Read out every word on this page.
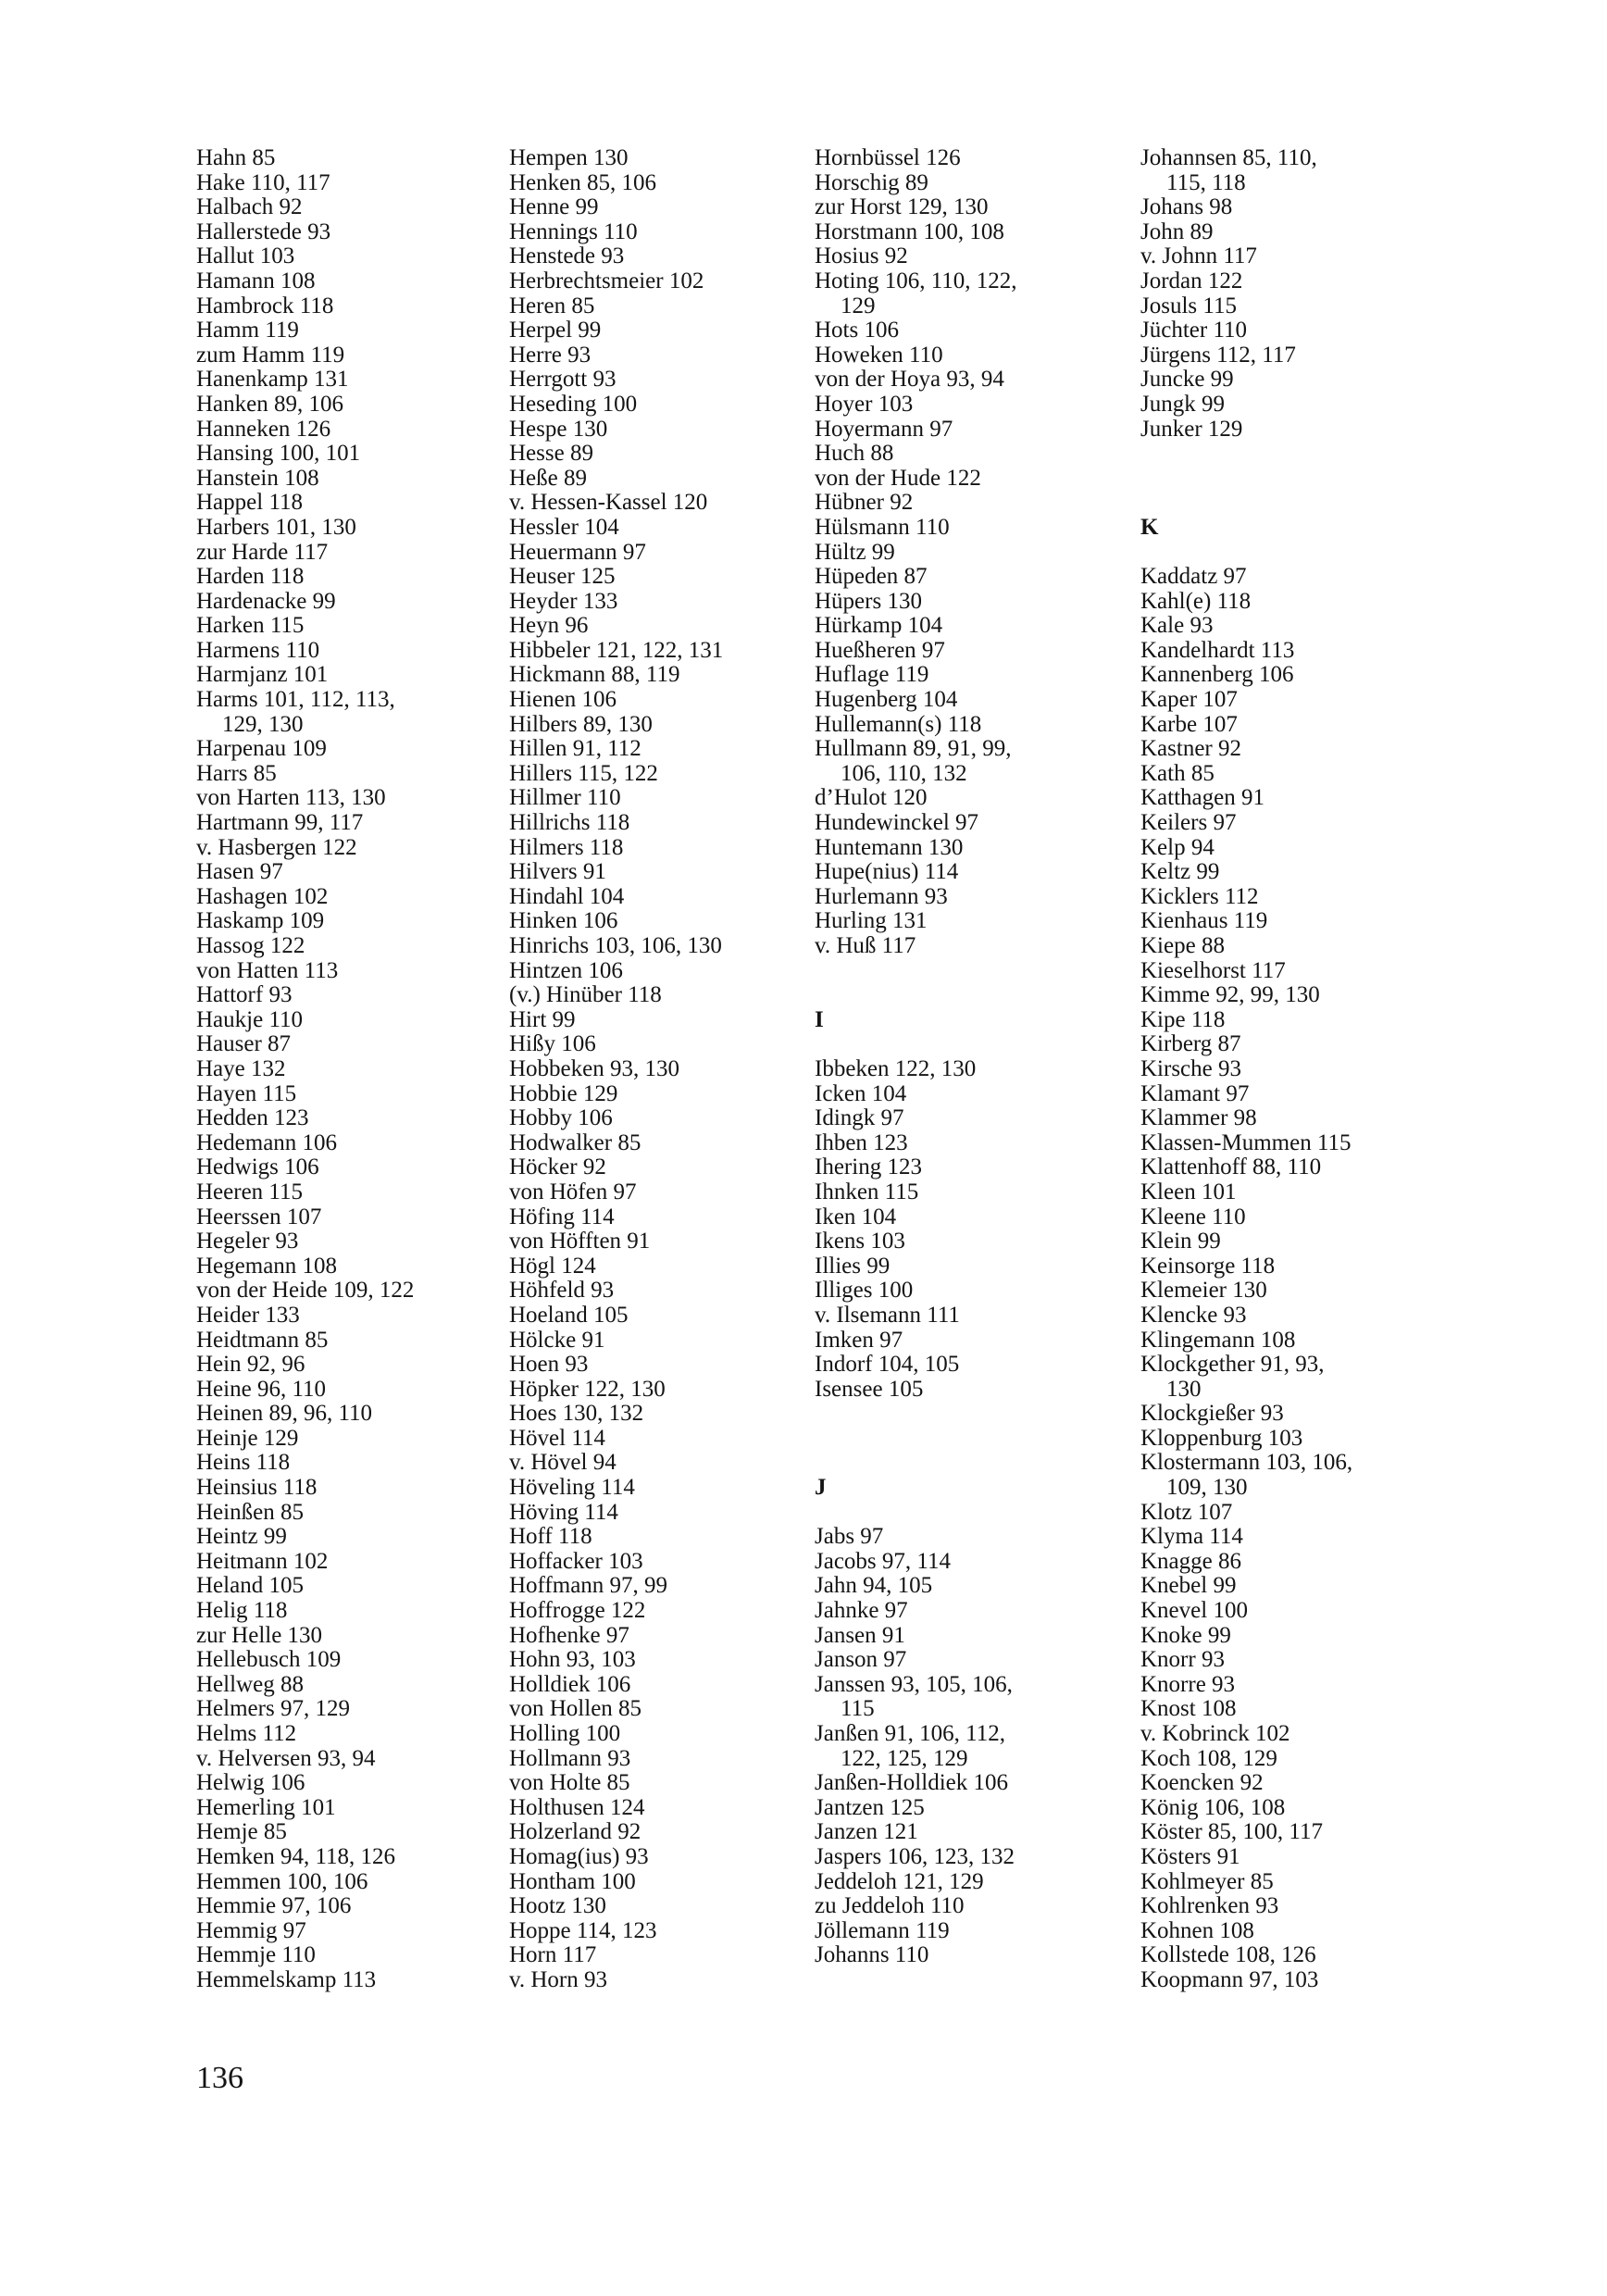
Hahn 85
Hake 110, 117
Halbach 92
Hallerstede 93
Hallut 103
Hamann 108
Hambrock 118
Hamm 119
zum Hamm 119
Hanenkamp 131
Hanken 89, 106
Hanneken 126
Hansing 100, 101
Hanstein 108
Happel 118
Harbers 101, 130
zur Harde 117
Harden 118
Hardenacke 99
Harken 115
Harmens 110
Harmjanz 101
Harms 101, 112, 113,
129, 130
Harpenau 109
Harrs 85
von Harten 113, 130
Hartmann 99, 117
v. Hasbergen 122
Hasen 97
Hashagen 102
Haskamp 109
Hassog 122
von Hatten 113
Hattorf 93
Haukje 110
Hauser 87
Haye 132
Hayen 115
Hedden 123
Hedemann 106
Hedwigs 106
Heeren 115
Heerssen 107
Hegeler 93
Hegemann 108
von der Heide 109, 122
Heider 133
Heidtmann 85
Hein 92, 96
Heine 96, 110
Heinen 89, 96, 110
Heinje 129
Heins 118
Heinsius 118
Heinßen 85
Heintz 99
Heitmann 102
Heland 105
Helig 118
zur Helle 130
Hellebusch 109
Hellweg 88
Helmers 97, 129
Helms 112
v. Helversen 93, 94
Helwig 106
Hemerling 101
Hemje 85
Hemken 94, 118, 126
Hemmen 100, 106
Hemmie 97, 106
Hemmig 97
Hemmje 110
Hemmelskamp 113
Hempen 130
Henken 85, 106
Henne 99
Hennings 110
Henstede 93
Herbrechtsmeier 102
Heren 85
Herpel 99
Herre 93
Herrgott 93
Heseding 100
Hespe 130
Hesse 89
Heße 89
v. Hessen-Kassel 120
Hessler 104
Heuermann 97
Heuser 125
Heyder 133
Heyn 96
Hibbeler 121, 122, 131
Hickmann 88, 119
Hienen 106
Hilbers 89, 130
Hillen 91, 112
Hillers 115, 122
Hillmer 110
Hillrichs 118
Hilmers 118
Hilvers 91
Hindahl 104
Hinken 106
Hinrichs 103, 106, 130
Hintzen 106
(v.) Hinüber 118
Hirt 99
Hißy 106
Hobbeken 93, 130
Hobbie 129
Hobby 106
Hodwalker 85
Höcker 92
von Höfen 97
Höfing 114
von Höfften 91
Högl 124
Höhfeld 93
Hoeland 105
Hölcke 91
Hoen 93
Höpker 122, 130
Hoes 130, 132
Hövel 114
v. Hövel 94
Höveling 114
Höving 114
Hoff 118
Hoffacker 103
Hoffmann 97, 99
Hoffrogge 122
Hofhenke 97
Hohn 93, 103
Holldiek 106
von Hollen 85
Holling 100
Hollmann 93
von Holte 85
Holthusen 124
Holzerland 92
Homag(ius) 93
Hontham 100
Hootz 130
Hoppe 114, 123
Horn 117
v. Horn 93
Hornbüssel 126
Horschig 89
zur Horst 129, 130
Horstmann 100, 108
Hosius 92
Hoting 106, 110, 122,
129
Hots 106
Howeken 110
von der Hoya 93, 94
Hoyer 103
Hoyermann 97
Huch 88
von der Hude 122
Hübner 92
Hülsmann 110
Hültz 99
Hüpeden 87
Hüpers 130
Hürkamp 104
Hueßheren 97
Huflage 119
Hugenberg 104
Hullemann(s) 118
Hullmann 89, 91, 99,
106, 110, 132
d’Hulot 120
Hundewinckel 97
Huntemann 130
Hupe(nius) 114
Hurlemann 93
Hurling 131
v. Huß 117
I
Ibbeken 122, 130
Icken 104
Idingk 97
Ihben 123
Ihering 123
Ihnken 115
Iken 104
Ikens 103
Illies 99
Illiges 100
v. Ilsemann 111
Imken 97
Indorf 104, 105
Isensee 105
J
Jabs 97
Jacobs 97, 114
Jahn 94, 105
Jahnke 97
Jansen 91
Janson 97
Janssen 93, 105, 106,
115
Janßen 91, 106, 112,
122, 125, 129
Janßen-Holldiek 106
Jantzen 125
Janzen 121
Jaspers 106, 123, 132
Jeddeloh 121, 129
zu Jeddeloh 110
Jöllemann 119
Johanns 110
Johannsen 85, 110,
115, 118
Johans 98
John 89
v. Johnn 117
Jordan 122
Josuls 115
Jüchter 110
Jürgens 112, 117
Juncke 99
Jungk 99
Junker 129
K
Kaddatz 97
Kahl(e) 118
Kale 93
Kandelhardt 113
Kannenberg 106
Kaper 107
Karbe 107
Kastner 92
Kath 85
Katthagen 91
Keilers 97
Kelp 94
Keltz 99
Kicklers 112
Kienhaus 119
Kiepe 88
Kieselhorst 117
Kimme 92, 99, 130
Kipe 118
Kirberg 87
Kirsche 93
Klamant 97
Klammer 98
Klassen-Mummen 115
Klattenhoff 88, 110
Kleen 101
Kleene 110
Klein 99
Keinsorge 118
Klemeier 130
Klencke 93
Klingemann 108
Klockgether 91, 93,
130
Klockgießer 93
Kloppenburg 103
Klostermann 103, 106,
109, 130
Klotz 107
Klyma 114
Knagge 86
Knebel 99
Knevel 100
Knoke 99
Knorr 93
Knorre 93
Knost 108
v. Kobrinck 102
Koch 108, 129
Koencken 92
König 106, 108
Köster 85, 100, 117
Kösters 91
Kohlmeyer 85
Kohlrenken 93
Kohnen 108
Kollstede 108, 126
Koopmann 97, 103
136
